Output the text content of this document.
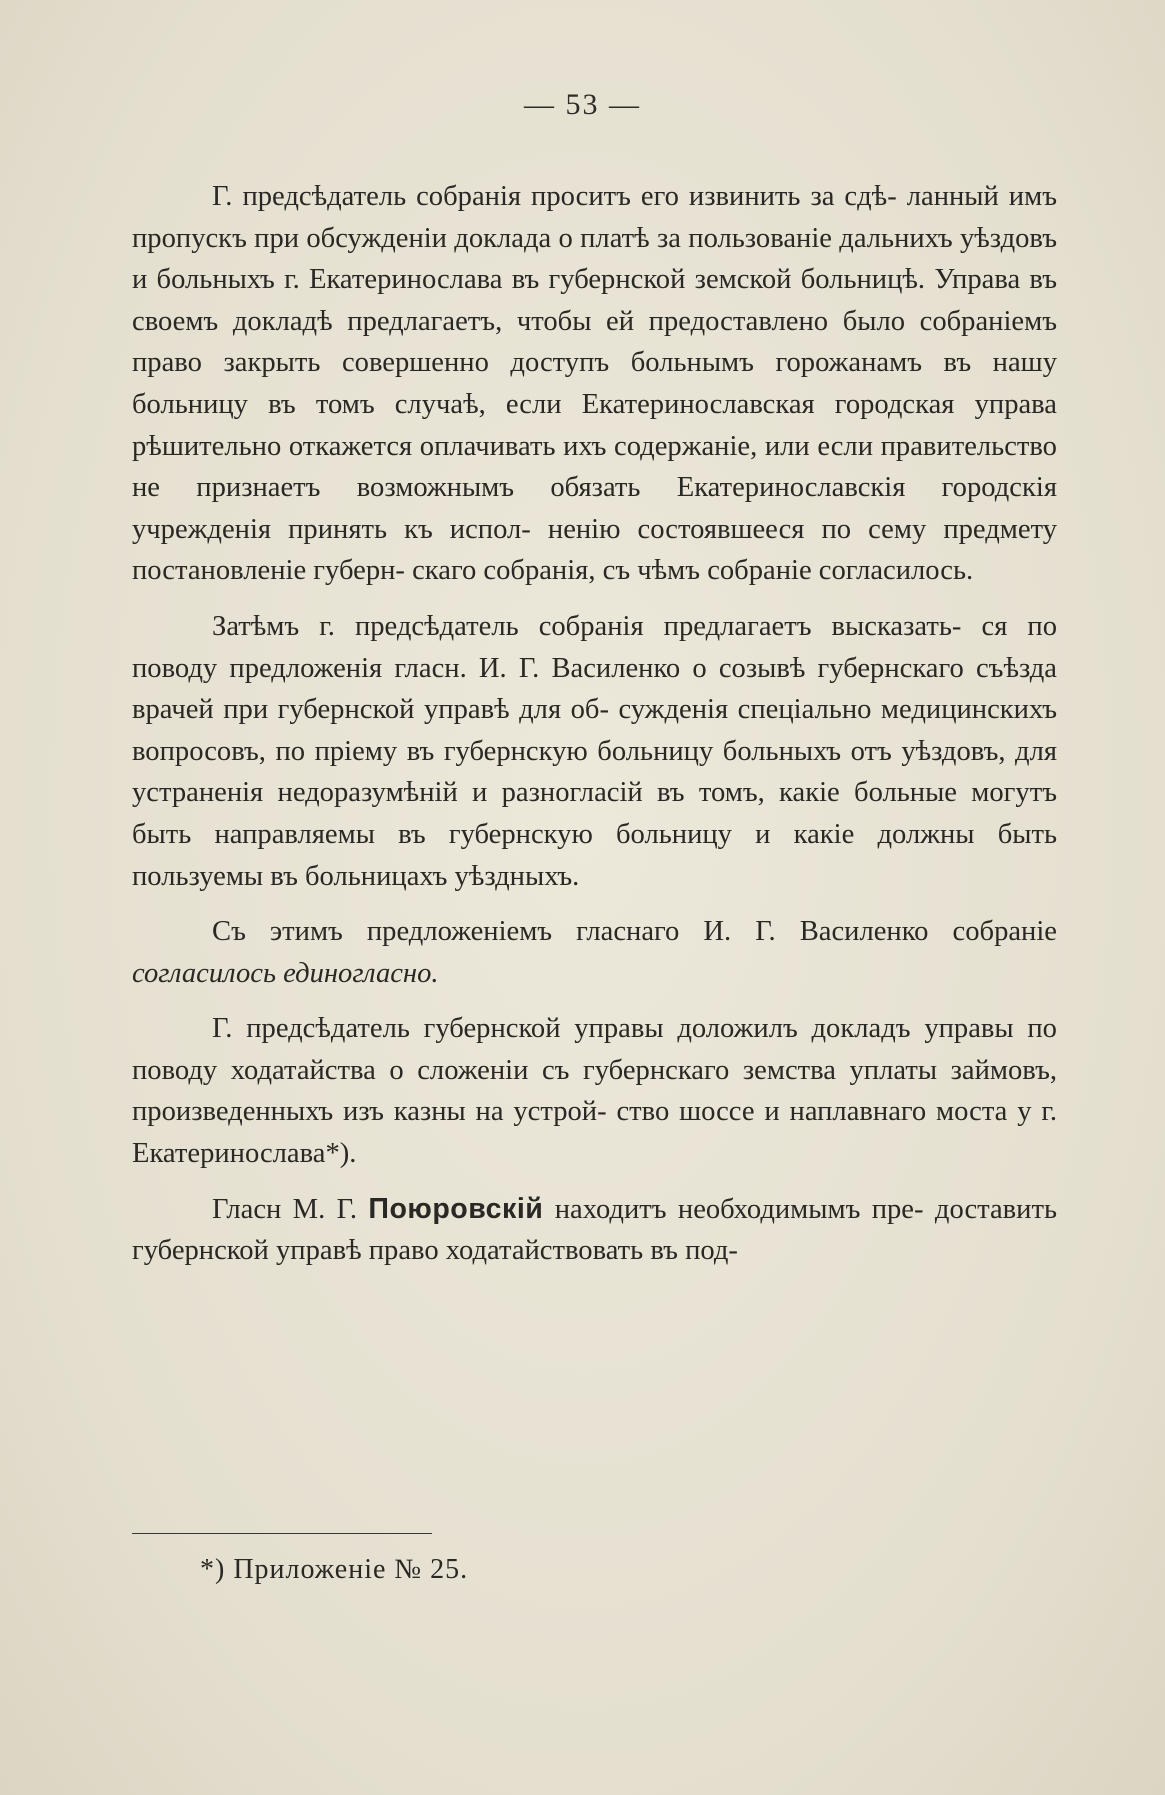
— 53 —

Г. предсѣдатель собранія проситъ его извинить за сдѣ- ланный имъ пропускъ при обсужденіи доклада о платѣ за пользованіе дальнихъ уѣздовъ и больныхъ г. Екатеринослава въ губернской земской больницѣ. Управа въ своемъ докладѣ предлагаетъ, чтобы ей предоставлено было собраніемъ право закрыть совершенно доступъ больнымъ горожанамъ въ нашу больницу въ томъ случаѣ, если Екатеринославская городская управа рѣшительно откажется оплачивать ихъ содержаніе, или если правительство не признаетъ возможнымъ обязать Екатеринославскія городскія учрежденія принять къ испол- ненію состоявшееся по сему предмету постановленіе губерн- скаго собранія, съ чѣмъ собраніе согласилось.

Затѣмъ г. предсѣдатель собранія предлагаетъ высказать- ся по поводу предложенія гласн. И. Г. Василенко о созывѣ губернскаго съѣзда врачей при губернской управѣ для об- сужденія спеціально медицинскихъ вопросовъ, по пріему въ губернскую больницу больныхъ отъ уѣздовъ, для устраненія недоразумѣній и разногласій въ томъ, какіе больные могутъ быть направляемы въ губернскую больницу и какіе должны быть пользуемы въ больницахъ уѣздныхъ.

Съ этимъ предложеніемъ гласнаго И. Г. Василенко собраніе согласилось единогласно.

Г. предсѣдатель губернской управы доложилъ докладъ управы по поводу ходатайства о сложеніи съ губернскаго земства уплаты займовъ, произведенныхъ изъ казны на устрой- ство шоссе и наплавнаго моста у г. Екатеринослава*).

Гласн М. Г. Поюровскій находитъ необходимымъ пре- доставить губернской управѣ право ходатайствовать въ под-

*) Приложеніе № 25.
